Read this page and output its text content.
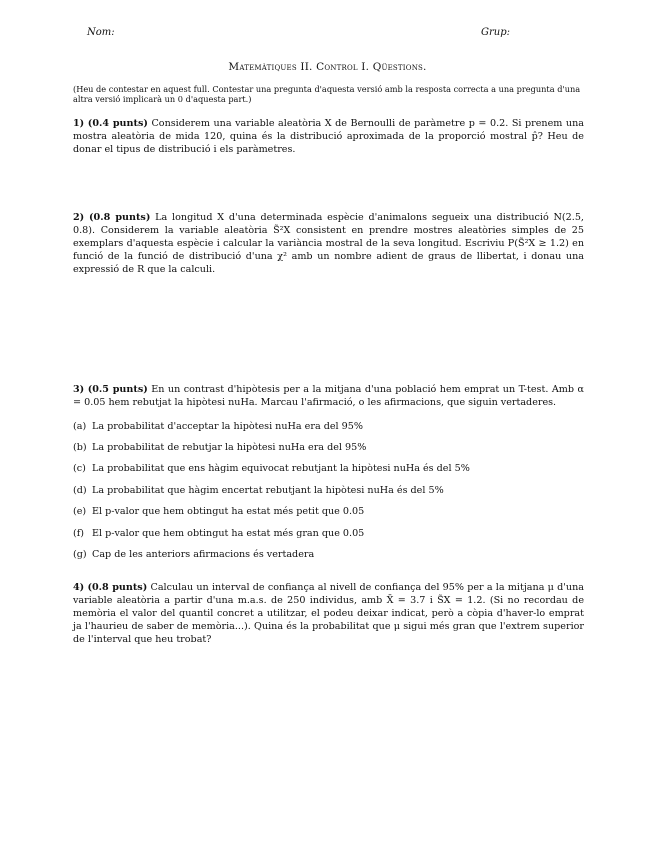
Nom:	Grup:
Matemàtiques II. Control I. Qüestions.
(Heu de contestar en aquest full. Contestar una pregunta d'aquesta versió amb la resposta correcta a una pregunta d'una altra versió implicarà un 0 d'aquesta part.)
1) (0.4 punts) Considerem una variable aleatòria X de Bernoulli de paràmetre p = 0.2. Si prenem una mostra aleatòria de mida 120, quina és la distribució aproximada de la proporció mostral p̂? Heu de donar el tipus de distribució i els paràmetres.
2) (0.8 punts) La longitud X d'una determinada espècie d'animalons segueix una distribució N(2.5, 0.8). Considerem la variable aleatòria S̃²X consistent en prendre mostres aleatòries simples de 25 exemplars d'aquesta espècie i calcular la variància mostral de la seva longitud. Escriviu P(S̃²X ≥ 1.2) en funció de la funció de distribució d'una χ² amb un nombre adient de graus de llibertat, i donau una expressió de R que la calculi.
3) (0.5 punts) En un contrast d'hipòtesis per a la mitjana d'una població hem emprat un T-test. Amb α = 0.05 hem rebutjat la hipòtesi nuHa. Marcau l'afirmació, o les afirmacions, que siguin vertaderes.
(a) La probabilitat d'acceptar la hipòtesi nuHa era del 95%
(b) La probabilitat de rebutjar la hipòtesi nuHa era del 95%
(c) La probabilitat que ens hàgim equivocat rebutjant la hipòtesi nuHa és del 5%
(d) La probabilitat que hàgim encertat rebutjant la hipòtesi nuHa és del 5%
(e) El p-valor que hem obtingut ha estat més petit que 0.05
(f) El p-valor que hem obtingut ha estat més gran que 0.05
(g) Cap de les anteriors afirmacions és vertadera
4) (0.8 punts) Calculau un interval de confiança al nivell de confiança del 95% per a la mitjana μ d'una variable aleatòria a partir d'una m.a.s. de 250 individus, amb X̄ = 3.7 i S̃X = 1.2. (Si no recordau de memòria el valor del quantil concret a utilitzar, el podeu deixar indicat, però a còpia d'haver-lo emprat ja l'haurieu de saber de memòria...). Quina és la probabilitat que μ sigui més gran que l'extrem superior de l'interval que heu trobat?
